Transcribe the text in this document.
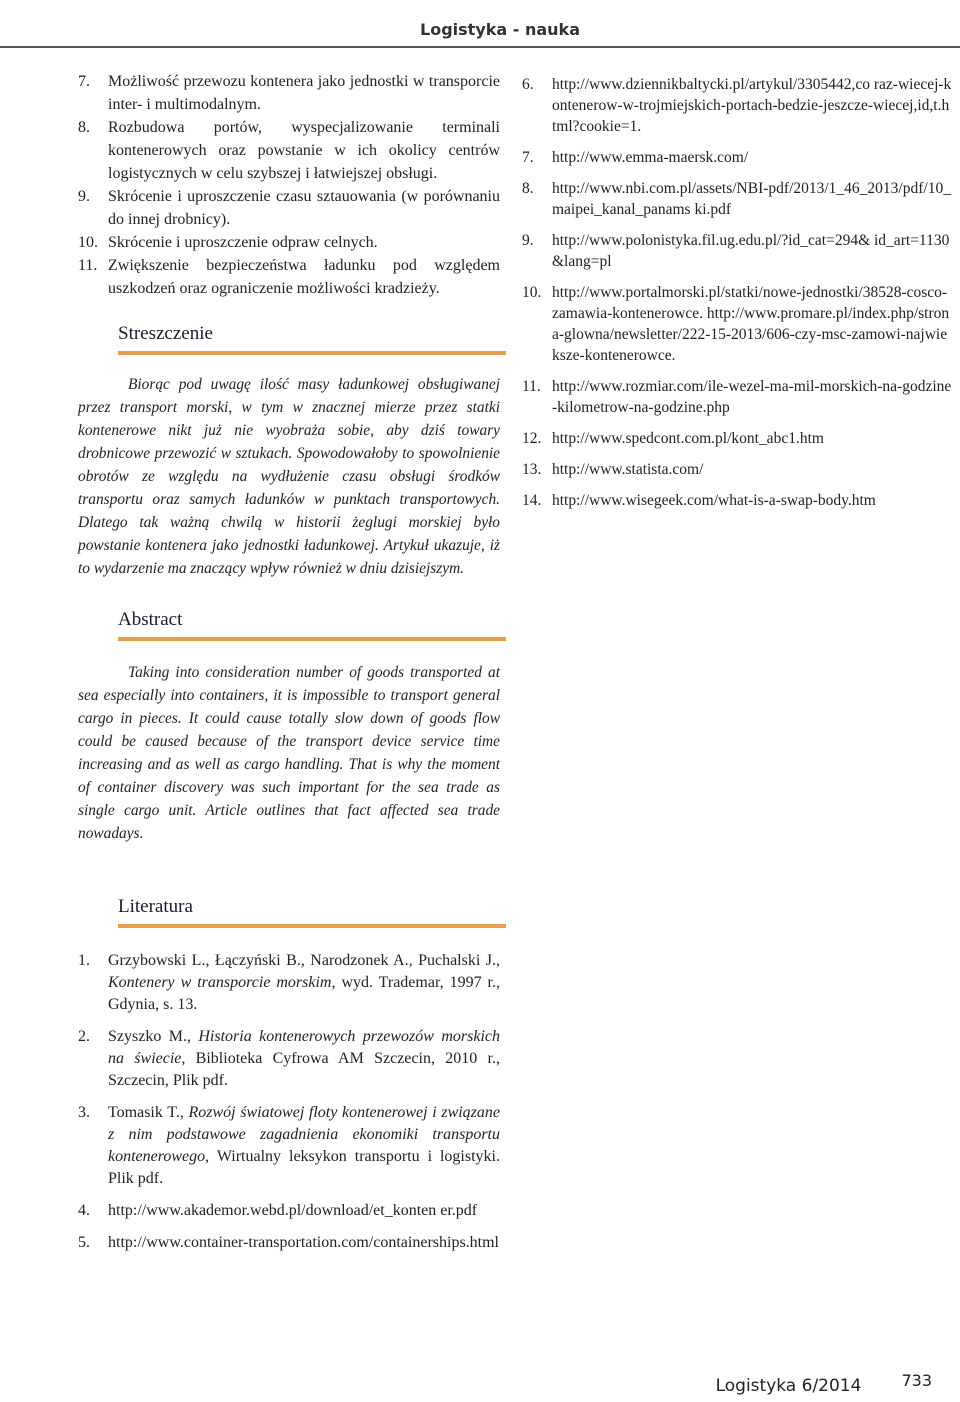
Logistyka - nauka
7. Możliwość przewozu kontenera jako jednostki w transporcie inter- i multimodalnym.
8. Rozbudowa portów, wyspecjalizowanie terminali kontenerowych oraz powstanie w ich okolicy centrów logistycznych w celu szybszej i łatwiejszej obsługi.
9. Skrócenie i uproszczenie czasu sztauowania (w porównaniu do innej drobnicy).
10. Skrócenie i uproszczenie odpraw celnych.
11. Zwiększenie bezpieczeństwa ładunku pod względem uszkodzeń oraz ograniczenie możliwości kradzieży.
Streszczenie

Biorąc pod uwagę ilość masy ładunkowej obsługiwanej przez transport morski, w tym w znacznej mierze przez statki kontenerowe nikt już nie wyobraża sobie, aby dziś towary drobnicowe przewozić w sztukach. Spowodowałoby to spowolnienie obrotów ze względu na wydłużenie czasu obsługi środków transportu oraz samych ładunków w punktach transportowych. Dlatego tak ważną chwilą w historii żeglugi morskiej było powstanie kontenera jako jednostki ładunkowej. Artykuł ukazuje, iż to wydarzenie ma znaczący wpływ również w dniu dzisiejszym.

Abstract

Taking into consideration number of goods transported at sea especially into containers, it is impossible to transport general cargo in pieces. It could cause totally slow down of goods flow could be caused because of the transport device service time increasing and as well as cargo handling. That is why the moment of container discovery was such important for the sea trade as single cargo unit. Article outlines that fact affected sea trade nowadays.

Literatura
1. Grzybowski L., Łączyński B., Narodzonek A., Puchalski J., Kontenery w transporcie morskim, wyd. Trademar, 1997 r., Gdynia, s. 13.
2. Szyszko M., Historia kontenerowych przewozów morskich na świecie, Biblioteka Cyfrowa AM Szczecin, 2010 r., Szczecin, Plik pdf.
3. Tomasik T., Rozwój światowej floty kontenerowej i związane z nim podstawowe zagadnienia ekonomiki transportu kontenerowego, Wirtualny leksykon transportu i logistyki. Plik pdf.
4. http://www.akademor.webd.pl/download/et_konten er.pdf
5. http://www.container-transportation.com/containerships.html
6. http://www.dziennikbaltycki.pl/artykul/3305442,co raz-wiecej-kontenerow-w-trojmiejskich-portach-bedzie-jeszcze-wiecej,id,t.html?cookie=1.
7. http://www.emma-maersk.com/
8. http://www.nbi.com.pl/assets/NBI-pdf/2013/1_46_2013/pdf/10_maipei_kanal_panams ki.pdf
9. http://www.polonistyka.fil.ug.edu.pl/?id_cat=294& id_art=1130&lang=pl
10. http://www.portalmorski.pl/statki/nowe-jednostki/38528-cosco-zamawia-kontenerowce. http://www.promare.pl/index.php/strona-glowna/newsletter/222-15-2013/606-czy-msc-zamowi-najwieksze-kontenerowce.
11. http://www.rozmiar.com/ile-wezel-ma-mil-morskich-na-godzine-kilometrow-na-godzine.php
12. http://www.spedcont.com.pl/kont_abc1.htm
13. http://www.statista.com/
14. http://www.wisegeek.com/what-is-a-swap-body.htm
Logistyka 6/2014	733
